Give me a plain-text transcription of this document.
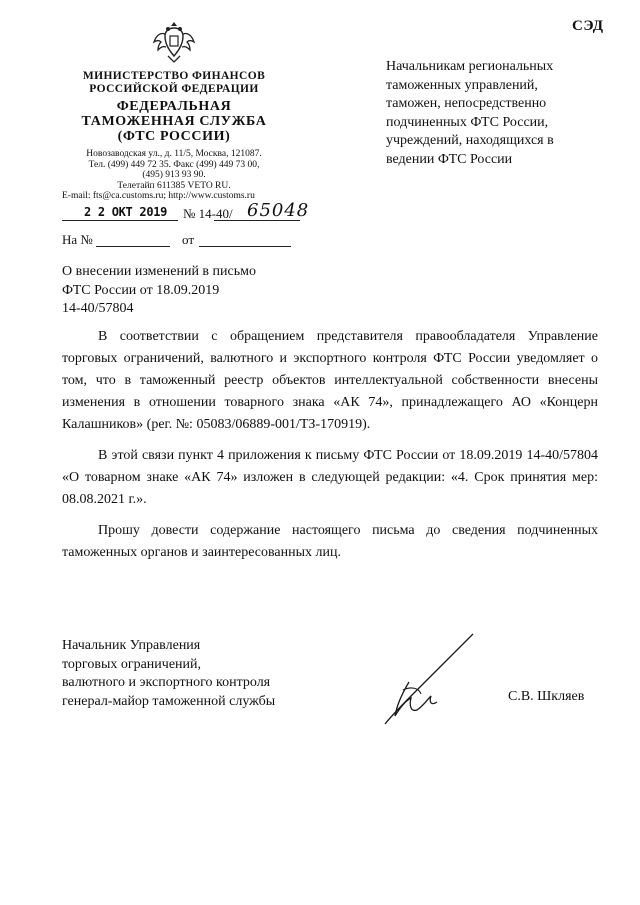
СЭД
МИНИСТЕРСТВО ФИНАНСОВ
РОССИЙСКОЙ ФЕДЕРАЦИИ
ФЕДЕРАЛЬНАЯ
ТАМОЖЕННАЯ СЛУЖБА
(ФТС РОССИИ)
Новозаводская ул., д. 11/5, Москва, 121087.
Тел. (499) 449 72 35. Факс (499) 449 73 00,
(495) 913 93 90.
Телетайп 611385 VETO RU.
E-mail: fts@ca.customs.ru; http://www.customs.ru
2 2 ОКТ 2019 № 14-40/ 65048
На №	от
Начальникам региональных
таможенных управлений,
таможен, непосредственно
подчиненных ФТС России,
учреждений, находящихся в
ведении ФТС России
О внесении изменений в письмо
ФТС России от 18.09.2019
14-40/57804

В соответствии с обращением представителя правообладателя Управление торговых ограничений, валютного и экспортного контроля ФТС России уведомляет о том, что в таможенный реестр объектов интеллектуальной собственности внесены изменения в отношении товарного знака «АК 74», принадлежащего АО «Концерн Калашников» (рег. №: 05083/06889-001/ТЗ-170919).

В этой связи пункт 4 приложения к письму ФТС России от 18.09.2019 14-40/57804 «О товарном знаке «АК 74» изложен в следующей редакции: «4. Срок принятия мер: 08.08.2021 г.».

Прошу довести содержание настоящего письма до сведения подчиненных таможенных органов и заинтересованных лиц.

Начальник Управления
торговых ограничений,
валютного и экспортного контроля
генерал-майор таможенной службы	С.В. Шкляев
